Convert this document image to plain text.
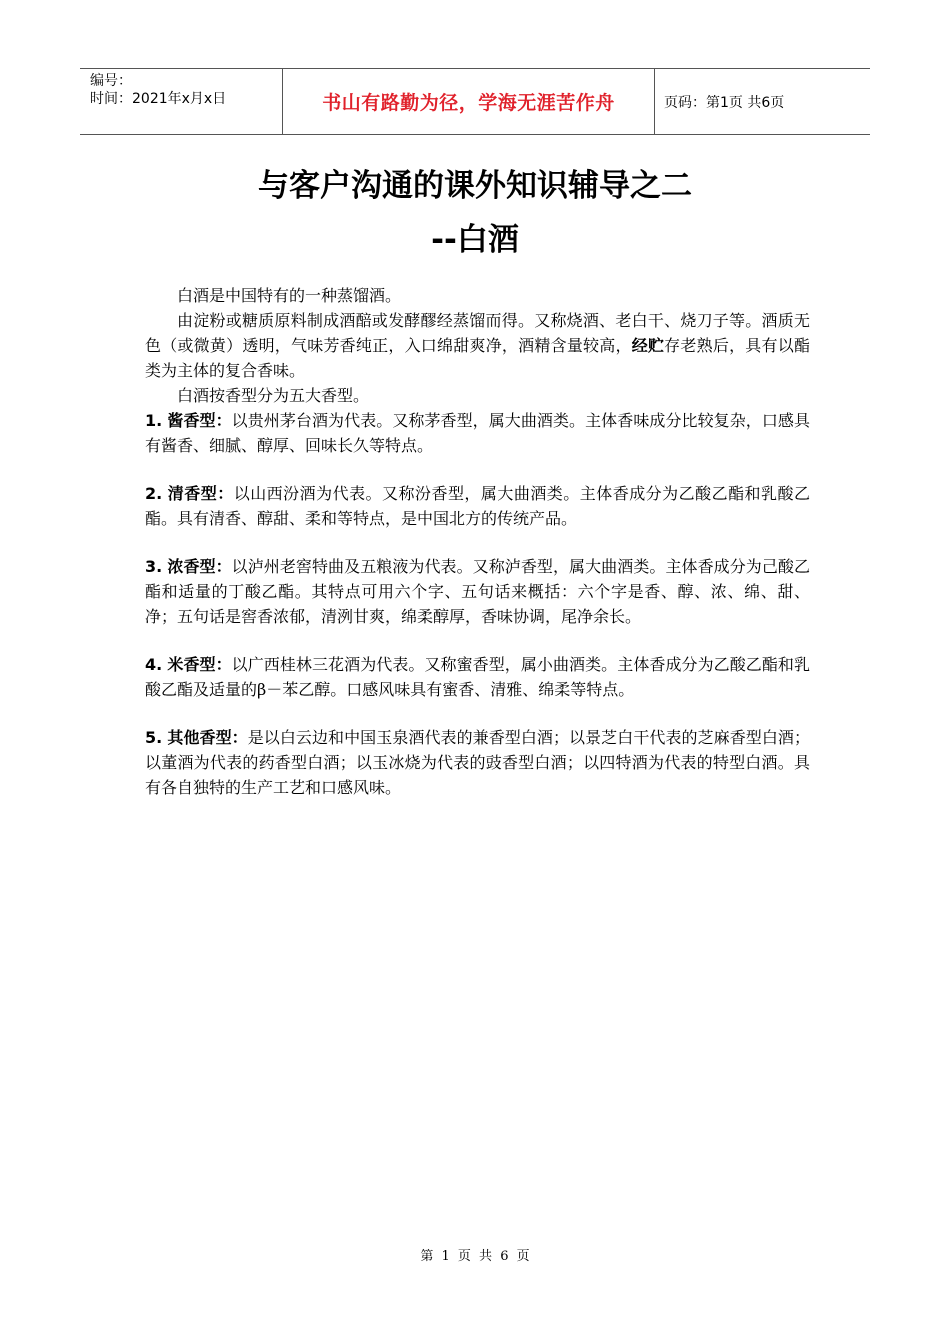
编号：
时间：2021年x月x日	书山有路勤为径，学海无涯苦作舟	页码：第1页 共6页
与客户沟通的课外知识辅导之二
--白酒

白酒是中国特有的一种蒸馏酒。

由淀粉或糖质原料制成酒醅或发酵醪经蒸馏而得。又称烧酒、老白干、烧刀子等。酒质无色（或微黄）透明，气味芳香纯正，入口绵甜爽净，酒精含量较高，经贮存老熟后，具有以酯类为主体的复合香味。

白酒按香型分为五大香型。

1. 酱香型：以贵州茅台酒为代表。又称茅香型，属大曲酒类。主体香味成分比较复杂，口感具有酱香、细腻、醇厚、回味长久等特点。

2. 清香型：以山西汾酒为代表。又称汾香型，属大曲酒类。主体香成分为乙酸乙酯和乳酸乙酯。具有清香、醇甜、柔和等特点，是中国北方的传统产品。

3. 浓香型：以泸州老窖特曲及五粮液为代表。又称泸香型，属大曲酒类。主体香成分为己酸乙酯和适量的丁酸乙酯。其特点可用六个字、五句话来概括：六个字是香、醇、浓、绵、甜、净；五句话是窖香浓郁，清洌甘爽，绵柔醇厚，香味协调，尾净余长。

4. 米香型：以广西桂林三花酒为代表。又称蜜香型，属小曲酒类。主体香成分为乙酸乙酯和乳酸乙酯及适量的β－苯乙醇。口感风味具有蜜香、清雅、绵柔等特点。

5. 其他香型：是以白云边和中国玉泉酒代表的兼香型白酒；以景芝白干代表的芝麻香型白酒；以董酒为代表的药香型白酒；以玉冰烧为代表的豉香型白酒；以四特酒为代表的特型白酒。具有各自独特的生产工艺和口感风味。

第 1 页 共 6 页
